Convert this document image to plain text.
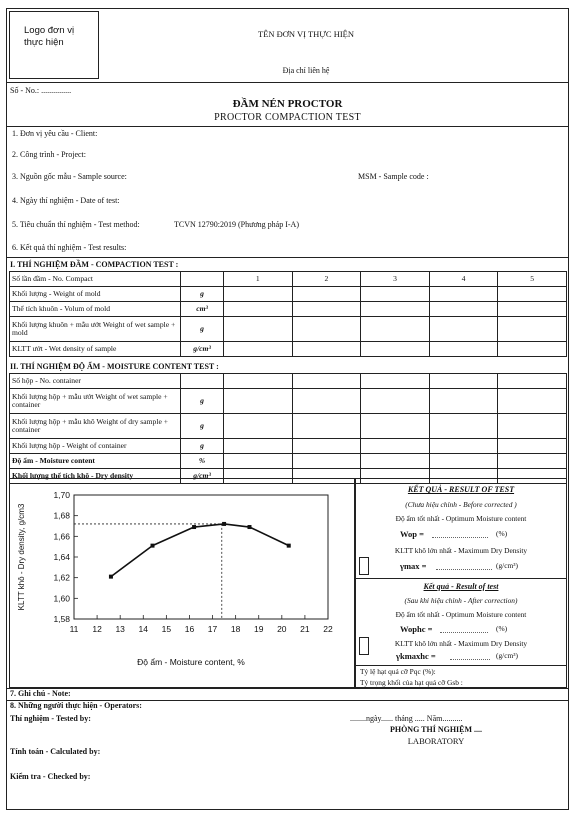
Logo đơn vị thực hiện
TÊN ĐƠN VỊ THỰC HIỆN
Địa chỉ liên hệ
Số - No.: ...............
ĐẦM NÉN PROCTOR
PROCTOR COMPACTION TEST
1. Đơn vị yêu cầu - Client:
2. Công trình - Project:
3. Nguồn gốc mẫu - Sample source:	MSM - Sample code :
4. Ngày thí nghiệm - Date of test:
5. Tiêu chuẩn thí nghiệm - Test method:	TCVN 12790:2019 (Phương pháp I-A)
6. Kết quả thí nghiệm - Test results:
I. THÍ NGHIỆM ĐẦM - COMPACTION TEST :
Số lần đầm - No. Compact		1	2	3	4	5
Khối lượng - Weight of mold	g					
Thể tích khuôn - Volum of mold	cm³					
Khối lượng khuôn + mẫu ướt Weight of wet sample + mold	g					
KLTT ướt - Wet density of sample	g/cm³					
II. THÍ NGHIỆM ĐỘ ẨM - MOISTURE CONTENT TEST :
Số hộp - No. container						
Khối lượng hộp + mẫu ướt Weight of wet sample + container	g					
Khối lượng hộp + mẫu khô Weight of dry sample + container	g					
Khối lượng hộp - Weight of container	g					
Độ ẩm - Moisture content	%					
Khối lượng thể tích khô - Dry density	g/cm³					
11 12 13 14 15 16 17 18 19 20 21 22
1,58
1,60
1,62
1,64
1,66
1,68
1,70
Độ ẩm - Moisture content, %
KLTT khô - Dry density, g/cm3
KẾT QUẢ - RESULT OF TEST
(Chưa hiệu chỉnh - Before corrected )
Độ ẩm tốt nhất - Optimum Moisture content
Wop =	(%)
KLTT khô lớn nhất - Maximum Dry Density
γmax =	(g/cm³)
Kết quả - Result of test
(Sau khi hiệu chỉnh - After correction)
Độ ẩm tốt nhất - Optimum Moisture content
Wophc =	(%)
KLTT khô lớn nhất - Maximum Dry Density
γkmaxhc =	(g/cm³)
Tỷ lệ hạt quá cỡ Pqc (%):
Tỷ trọng khối của hạt quá cỡ Gsb :
7. Ghi chú - Note:
8. Những người thực hiện - Operators:
Thí nghiệm - Tested by:	........ngày...... tháng ..... Năm..........
PHÒNG THÍ NGHIỆM ....
LABORATORY
Tính toán - Calculated by:
Kiểm tra - Checked by:
